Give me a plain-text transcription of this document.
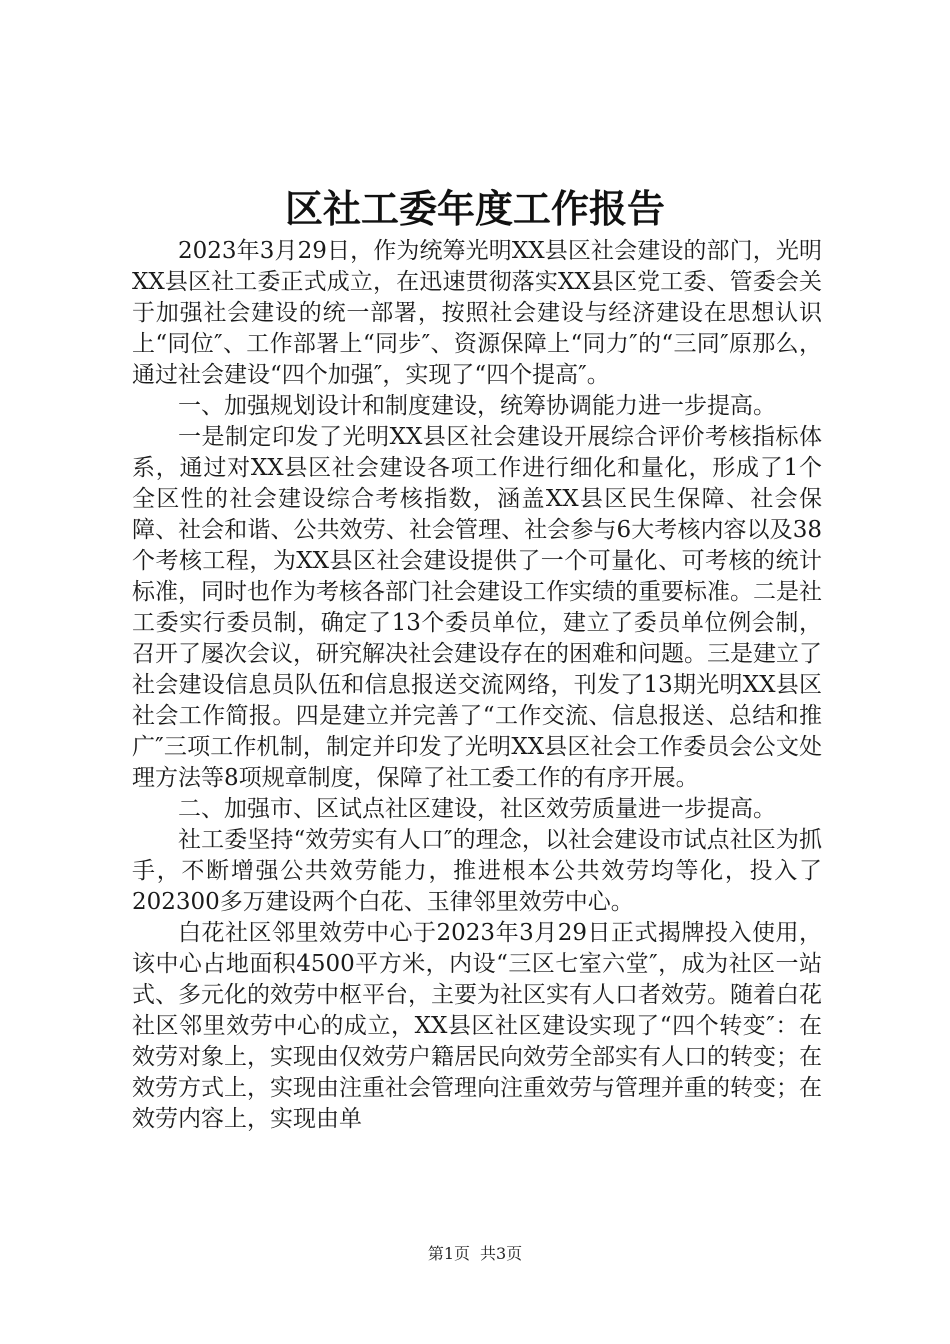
区社工委年度工作报告

2023年3月29日，作为统筹光明XX县区社会建设的部门，光明XX县区社工委正式成立，在迅速贯彻落实XX县区党工委、管委会关于加强社会建设的统一部署，按照社会建设与经济建设在思想认识上“同位″、工作部署上“同步″、资源保障上“同力″的“三同″原那么，通过社会建设“四个加强″，实现了“四个提高″。

一、加强规划设计和制度建设，统筹协调能力进一步提高。

一是制定印发了光明XX县区社会建设开展综合评价考核指标体系，通过对XX县区社会建设各项工作进行细化和量化，形成了1个全区性的社会建设综合考核指数，涵盖XX县区民生保障、社会保障、社会和谐、公共效劳、社会管理、社会参与6大考核内容以及38个考核工程，为XX县区社会建设提供了一个可量化、可考核的统计标准，同时也作为考核各部门社会建设工作实绩的重要标准。二是社工委实行委员制，确定了13个委员单位，建立了委员单位例会制，召开了屡次会议，研究解决社会建设存在的困难和问题。三是建立了社会建设信息员队伍和信息报送交流网络，刊发了13期光明XX县区社会工作简报。四是建立并完善了“工作交流、信息报送、总结和推广″三项工作机制，制定并印发了光明XX县区社会工作委员会公文处理方法等8项规章制度，保障了社工委工作的有序开展。

二、加强市、区试点社区建设，社区效劳质量进一步提高。

社工委坚持“效劳实有人口″的理念，以社会建设市试点社区为抓手，不断增强公共效劳能力，推进根本公共效劳均等化，投入了202300多万建设两个白花、玉律邻里效劳中心。

白花社区邻里效劳中心于2023年3月29日正式揭牌投入使用，该中心占地面积4500平方米，内设“三区七室六堂″，成为社区一站式、多元化的效劳中枢平台，主要为社区实有人口者效劳。随着白花社区邻里效劳中心的成立，XX县区社区建设实现了“四个转变″：在效劳对象上，实现由仅效劳户籍居民向效劳全部实有人口的转变；在效劳方式上，实现由注重社会管理向注重效劳与管理并重的转变；在效劳内容上，实现由单

第1页 共3页
